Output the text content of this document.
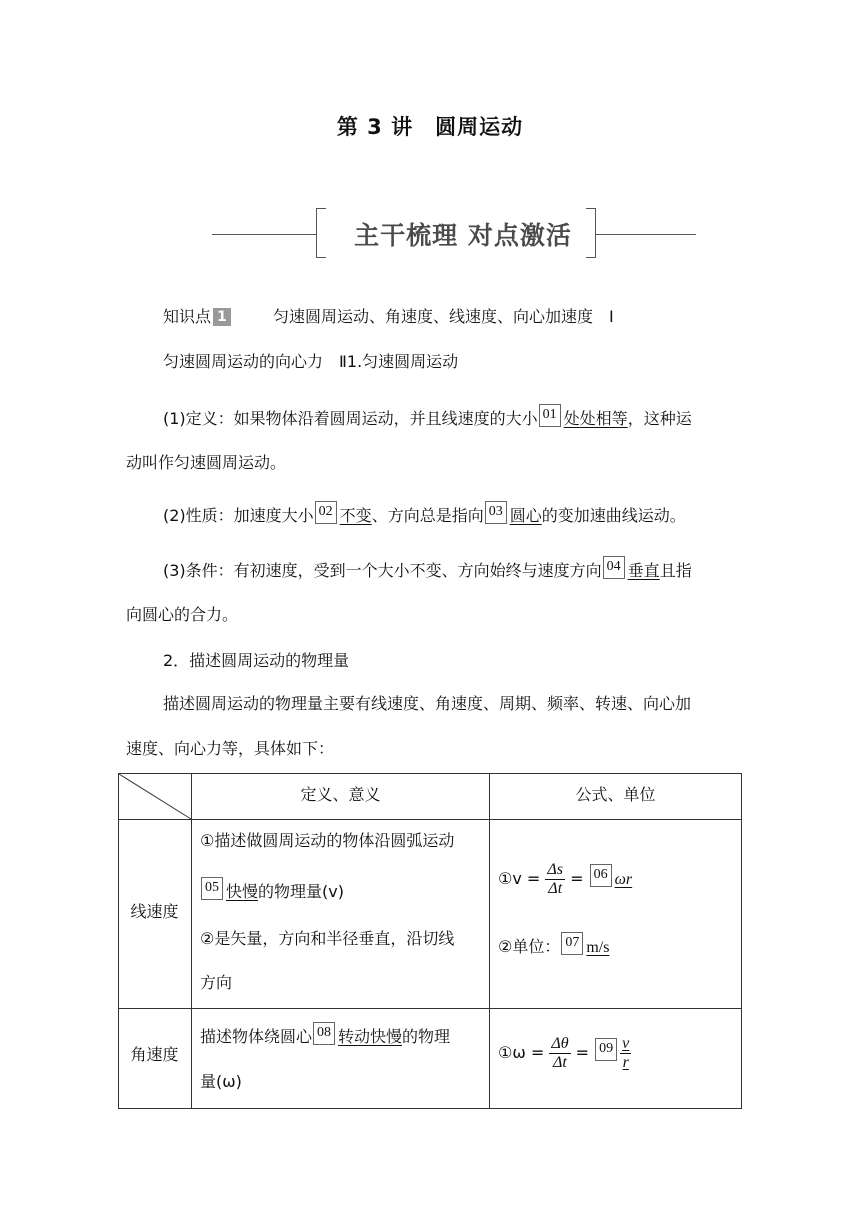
第 3 讲　圆周运动
主干梳理 对点激活
知识点 1	匀速圆周运动、角速度、线速度、向心加速度　Ⅰ
匀速圆周运动的向心力　Ⅱ1.匀速圆周运动
(1)定义：如果物体沿着圆周运动，并且线速度的大小 01 处处相等，这种运
动叫作匀速圆周运动。
(2)性质：加速度大小 02 不变、方向总是指向 03 圆心的变加速曲线运动。
(3)条件：有初速度，受到一个大小不变、方向始终与速度方向 04 垂直且指
向圆心的合力。
2．描述圆周运动的物理量
描述圆周运动的物理量主要有线速度、角速度、周期、频率、转速、向心加
速度、向心力等，具体如下：
定义、意义	公式、单位
线速度
①描述做圆周运动的物体沿圆弧运动
05 快慢的物理量(v)
②是矢量，方向和半径垂直，沿切线
方向
①v = $\frac{\Delta s}{\Delta t} = 06$ ωr
②单位： 07 m/s
角速度
描述物体绕圆心 08 转动快慢的物理
量(ω)
①ω = $\frac{\Delta\theta}{\Delta t} = 09 \frac{v}{r}$
